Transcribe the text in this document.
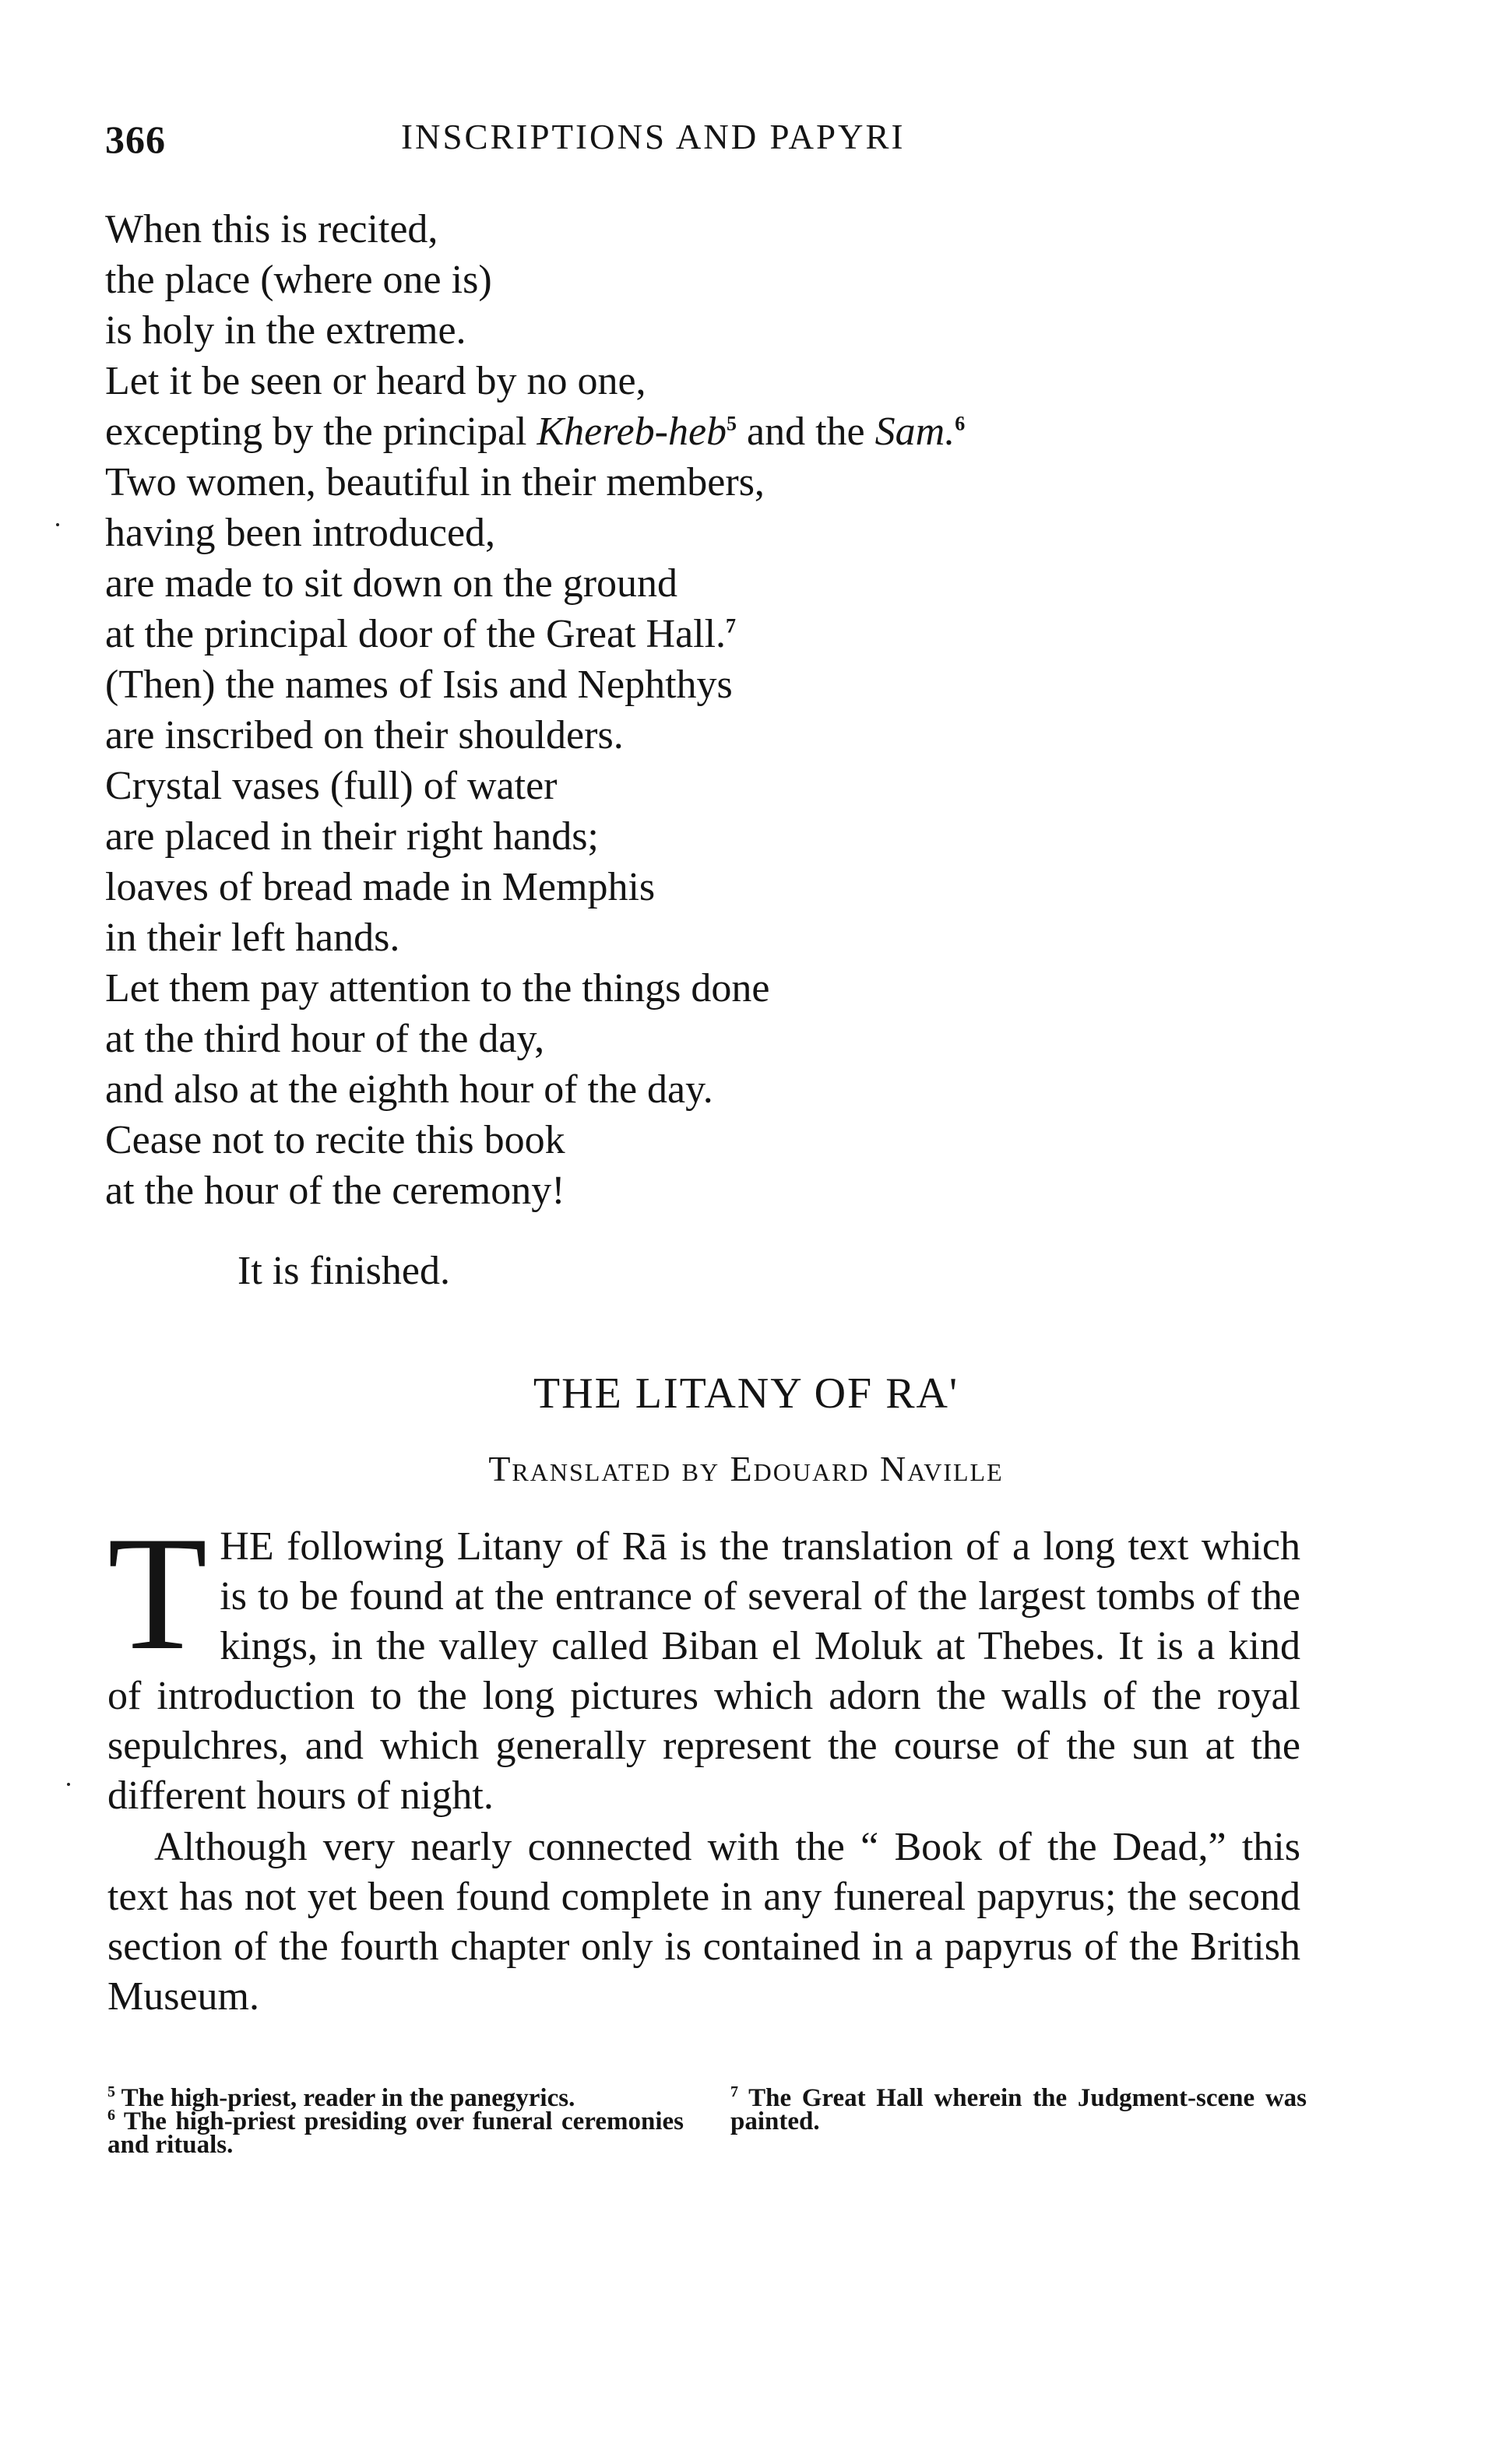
366	INSCRIPTIONS AND PAPYRI
When this is recited,
the place (where one is)
is holy in the extreme.
Let it be seen or heard by no one,
excepting by the principal Khereb-heb$^5$ and the Sam.$^6$
Two women, beautiful in their members,
having been introduced,
are made to sit down on the ground
at the principal door of the Great Hall.$^7$
(Then) the names of Isis and Nephthys
are inscribed on their shoulders.
Crystal vases (full) of water
are placed in their right hands;
loaves of bread made in Memphis
in their left hands.
Let them pay attention to the things done
at the third hour of the day,
and also at the eighth hour of the day.
Cease not to recite this book
at the hour of the ceremony!
It is finished.
THE LITANY OF RA'
Translated by Edouard Naville

THE following Litany of Rā is the translation of a long text which is to be found at the entrance of several of the largest tombs of the kings, in the valley called Biban el Moluk at Thebes. It is a kind of introduction to the long pictures which adorn the walls of the royal sepulchres, and which generally represent the course of the sun at the different hours of night.

Although very nearly connected with the “ Book of the Dead,” this text has not yet been found complete in any funereal papyrus; the second section of the fourth chapter only is contained in a papyrus of the British Museum.

$^5$ The high-priest, reader in the panegyrics.

$^6$ The high-priest presiding over funeral ceremonies and rituals.

$^7$ The Great Hall wherein the Judgment-scene was painted.
